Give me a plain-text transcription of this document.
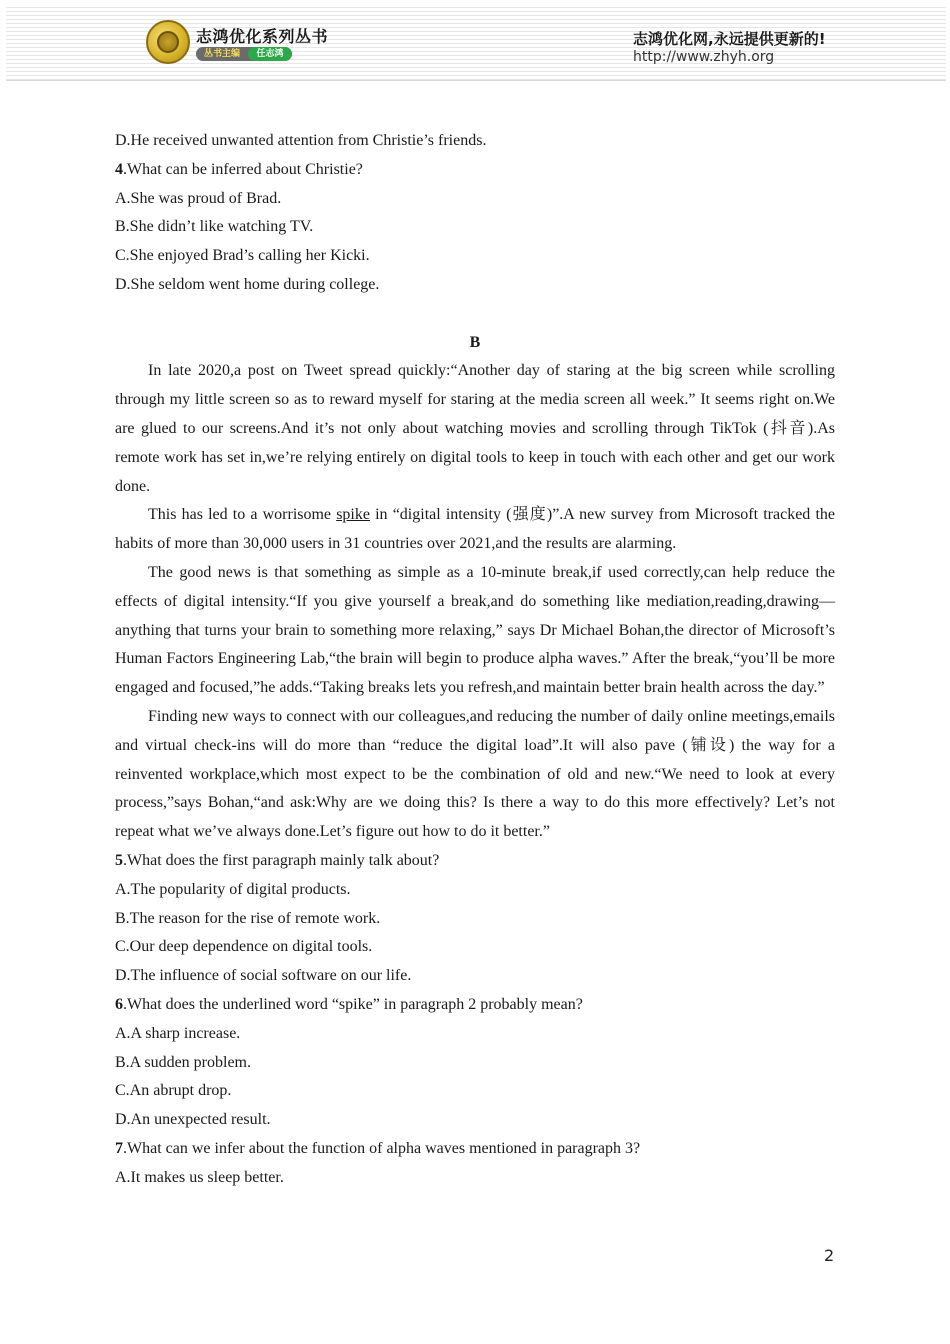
志鸿优化系列丛书
丛书主编	任志鸿
志鸿优化网,永远提供更新的!
http://www.zhyh.org

D.He received unwanted attention from Christie’s friends.

4.What can be inferred about Christie?

A.She was proud of Brad.

B.She didn’t like watching TV.

C.She enjoyed Brad’s calling her Kicki.

D.She seldom went home during college.

B

In late 2020,a post on Tweet spread quickly:“Another day of staring at the big screen while scrolling through my little screen so as to reward myself for staring at the media screen all week.” It seems right on.We are glued to our screens.And it’s not only about watching movies and scrolling through TikTok (抖音).As remote work has set in,we’re relying entirely on digital tools to keep in touch with each other and get our work done.

This has led to a worrisome spike in “digital intensity (强度)”.A new survey from Microsoft tracked the habits of more than 30,000 users in 31 countries over 2021,and the results are alarming.

The good news is that something as simple as a 10-minute break,if used correctly,can help reduce the effects of digital intensity.“If you give yourself a break,and do something like mediation,reading,drawing—anything that turns your brain to something more relaxing,” says Dr Michael Bohan,the director of Microsoft’s Human Factors Engineering Lab,“the brain will begin to produce alpha waves.” After the break,“you’ll be more engaged and focused,”he adds.“Taking breaks lets you refresh,and maintain better brain health across the day.”

Finding new ways to connect with our colleagues,and reducing the number of daily online meetings,emails and virtual check-ins will do more than “reduce the digital load”.It will also pave (铺设) the way for a reinvented workplace,which most expect to be the combination of old and new.“We need to look at every process,”says Bohan,“and ask:Why are we doing this? Is there a way to do this more effectively? Let’s not repeat what we’ve always done.Let’s figure out how to do it better.”

5.What does the first paragraph mainly talk about?

A.The popularity of digital products.

B.The reason for the rise of remote work.

C.Our deep dependence on digital tools.

D.The influence of social software on our life.

6.What does the underlined word “spike” in paragraph 2 probably mean?

A.A sharp increase.

B.A sudden problem.

C.An abrupt drop.

D.An unexpected result.

7.What can we infer about the function of alpha waves mentioned in paragraph 3?

A.It makes us sleep better.

2
